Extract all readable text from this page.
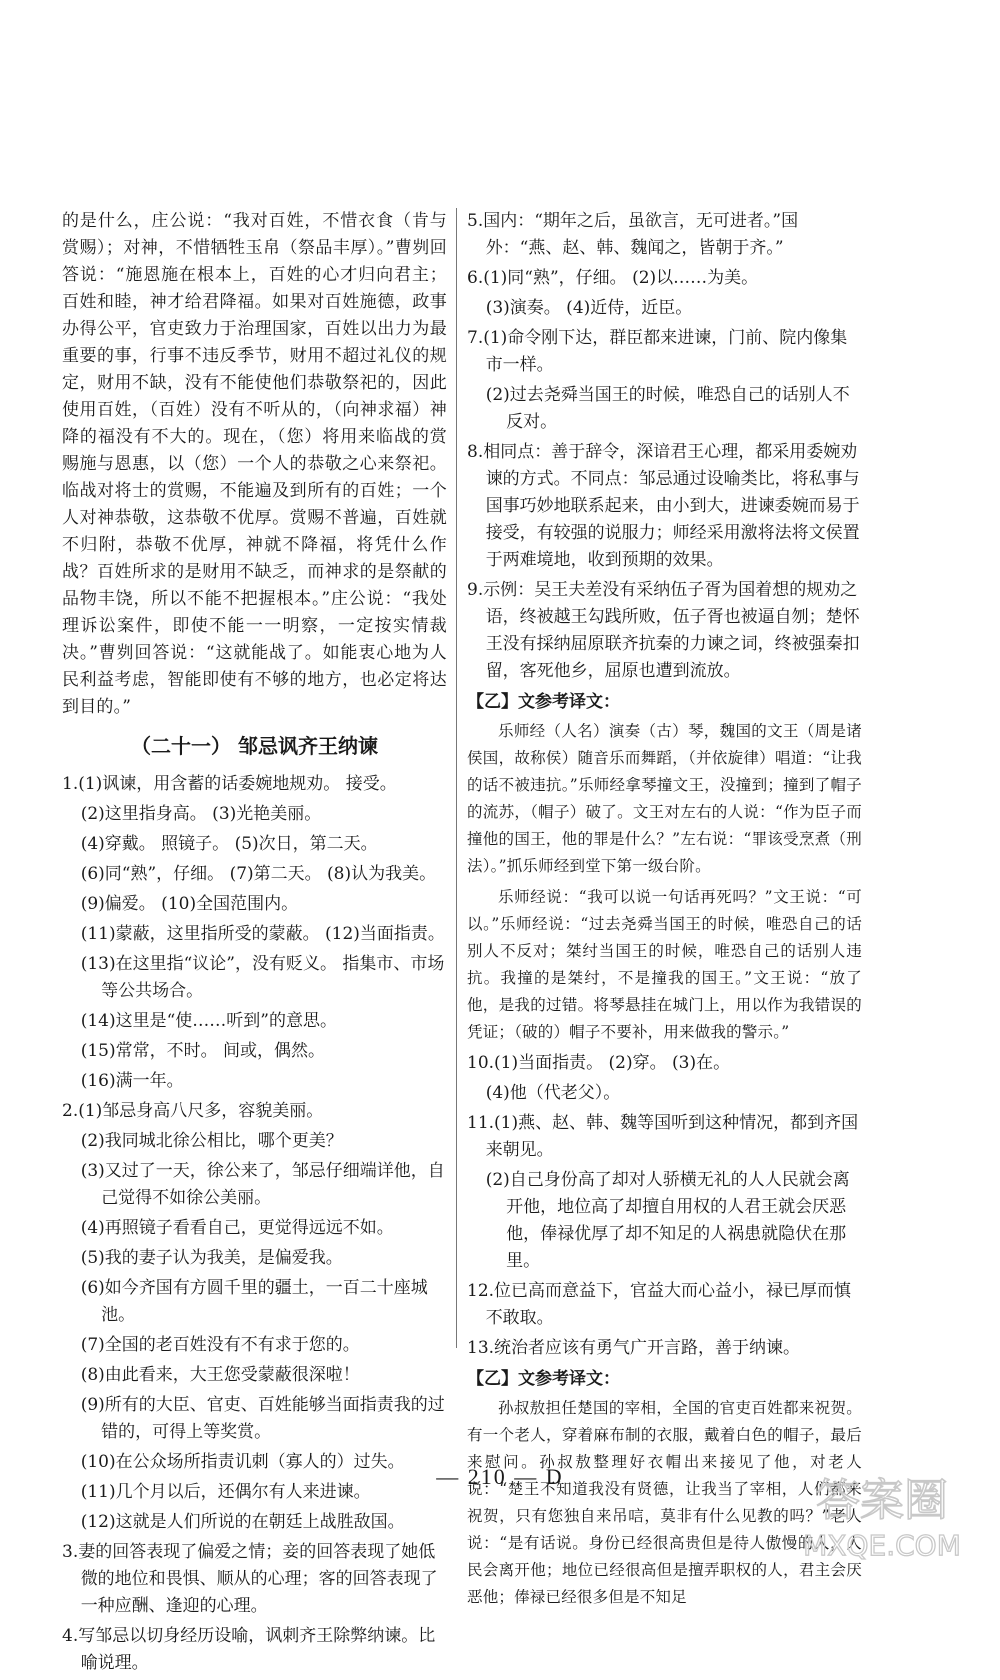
的是什么，庄公说：“我对百姓，不惜衣食（肯与赏赐）；对神，不惜牺牲玉帛（祭品丰厚）。”曹刿回答说：“施恩施在根本上，百姓的心才归向君主；百姓和睦，神才给君降福。如果对百姓施德，政事办得公平，官吏致力于治理国家，百姓以出力为最重要的事，行事不违反季节，财用不超过礼仪的规定，财用不缺，没有不能使他们恭敬祭祀的，因此使用百姓，（百姓）没有不听从的，（向神求福）神降的福没有不大的。现在，（您）将用来临战的赏赐施与恩惠，以（您）一个人的恭敬之心来祭祀。临战对将士的赏赐，不能遍及到所有的百姓；一个人对神恭敬，这恭敬不优厚。赏赐不普遍，百姓就不归附，恭敬不优厚，神就不降福，将凭什么作战？百姓所求的是财用不缺乏，而神求的是祭献的品物丰饶，所以不能不把握根本。”庄公说：“我处理诉讼案件，即使不能一一明察，一定按实情裁决。”曹刿回答说：“这就能战了。如能衷心地为人民利益考虑，智能即使有不够的地方，也必定将达到目的。”

（二十一） 邹忌讽齐王纳谏
1.(1)讽谏，用含蓄的话委婉地规劝。 接受。
(2)这里指身高。 (3)光艳美丽。
(4)穿戴。 照镜子。 (5)次日，第二天。
(6)同“熟”，仔细。 (7)第二天。 (8)认为我美。
(9)偏爱。 (10)全国范围内。
(11)蒙蔽，这里指所受的蒙蔽。 (12)当面指责。
(13)在这里指“议论”，没有贬义。 指集市、市场等公共场合。
(14)这里是“使……听到”的意思。
(15)常常，不时。 间或，偶然。
(16)满一年。
2.(1)邹忌身高八尺多，容貌美丽。
(2)我同城北徐公相比，哪个更美？
(3)又过了一天，徐公来了，邹忌仔细端详他，自己觉得不如徐公美丽。
(4)再照镜子看看自己，更觉得远远不如。
(5)我的妻子认为我美，是偏爱我。
(6)如今齐国有方圆千里的疆土，一百二十座城池。
(7)全国的老百姓没有不有求于您的。
(8)由此看来，大王您受蒙蔽很深啦！
(9)所有的大臣、官吏、百姓能够当面指责我的过错的，可得上等奖赏。
(10)在公众场所指责讥刺（寡人的）过失。
(11)几个月以后，还偶尔有人来进谏。
(12)这就是人们所说的在朝廷上战胜敌国。
3.妻的回答表现了偏爱之情；妾的回答表现了她低微的地位和畏惧、顺从的心理；客的回答表现了一种应酬、逢迎的心理。
4.写邹忌以切身经历设喻，讽刺齐王除弊纳谏。比喻说理。
5.国内：“期年之后，虽欲言，无可进者。”国外：“燕、赵、韩、魏闻之，皆朝于齐。”
6.(1)同“熟”，仔细。 (2)以……为美。
(3)演奏。 (4)近侍，近臣。
7.(1)命令刚下达，群臣都来进谏，门前、院内像集市一样。
(2)过去尧舜当国王的时候，唯恐自己的话别人不反对。
8.相同点：善于辞令，深谙君王心理，都采用委婉劝谏的方式。不同点：邹忌通过设喻类比，将私事与国事巧妙地联系起来，由小到大，进谏委婉而易于接受，有较强的说服力；师经采用激将法将文侯置于两难境地，收到预期的效果。
9.示例：吴王夫差没有采纳伍子胥为国着想的规劝之语，终被越王勾践所败，伍子胥也被逼自刎；楚怀王没有採纳屈原联齐抗秦的力谏之词，终被强秦扣留，客死他乡，屈原也遭到流放。
【乙】文参考译文：

乐师经（人名）演奏（古）琴，魏国的文王（周是诸侯国，故称侯）随音乐而舞蹈，（并依旋律）唱道：“让我的话不被违抗。”乐师经拿琴撞文王，没撞到；撞到了帽子的流苏，（帽子）破了。文王对左右的人说：“作为臣子而撞他的国王，他的罪是什么？”左右说：“罪该受烹煮（刑法）。”抓乐师经到堂下第一级台阶。

乐师经说：“我可以说一句话再死吗？”文王说：“可以。”乐师经说：“过去尧舜当国王的时候，唯恐自己的话别人不反对；桀纣当国王的时候，唯恐自己的话别人违抗。我撞的是桀纣，不是撞我的国王。”文王说：“放了他，是我的过错。将琴悬挂在城门上，用以作为我错误的凭证；（破的）帽子不要补，用来做我的警示。”

10.(1)当面指责。 (2)穿。 (3)在。
(4)他（代老父）。
11.(1)燕、赵、韩、魏等国听到这种情况，都到齐国来朝见。
(2)自己身份高了却对人骄横无礼的人人民就会离开他，地位高了却擅自用权的人君王就会厌恶他，俸禄优厚了却不知足的人祸患就隐伏在那里。
12.位已高而意益下，官益大而心益小，禄已厚而慎不敢取。
13.统治者应该有勇气广开言路，善于纳谏。
【乙】文参考译文：

孙叔敖担任楚国的宰相，全国的官吏百姓都来祝贺。有一个老人，穿着麻布制的衣服，戴着白色的帽子，最后来慰问。孙叔敖整理好衣帽出来接见了他，对老人说：“楚王不知道我没有贤德，让我当了宰相，人们都来祝贺，只有您独自来吊唁，莫非有什么见教的吗？”老人说：“是有话说。身份已经很高贵但是待人傲慢的人，人民会离开他；地位已经很高但是擅弄职权的人，君主会厌恶他；俸禄已经很多但是不知足

— 210 — D	答案圈
MXQE.COM
